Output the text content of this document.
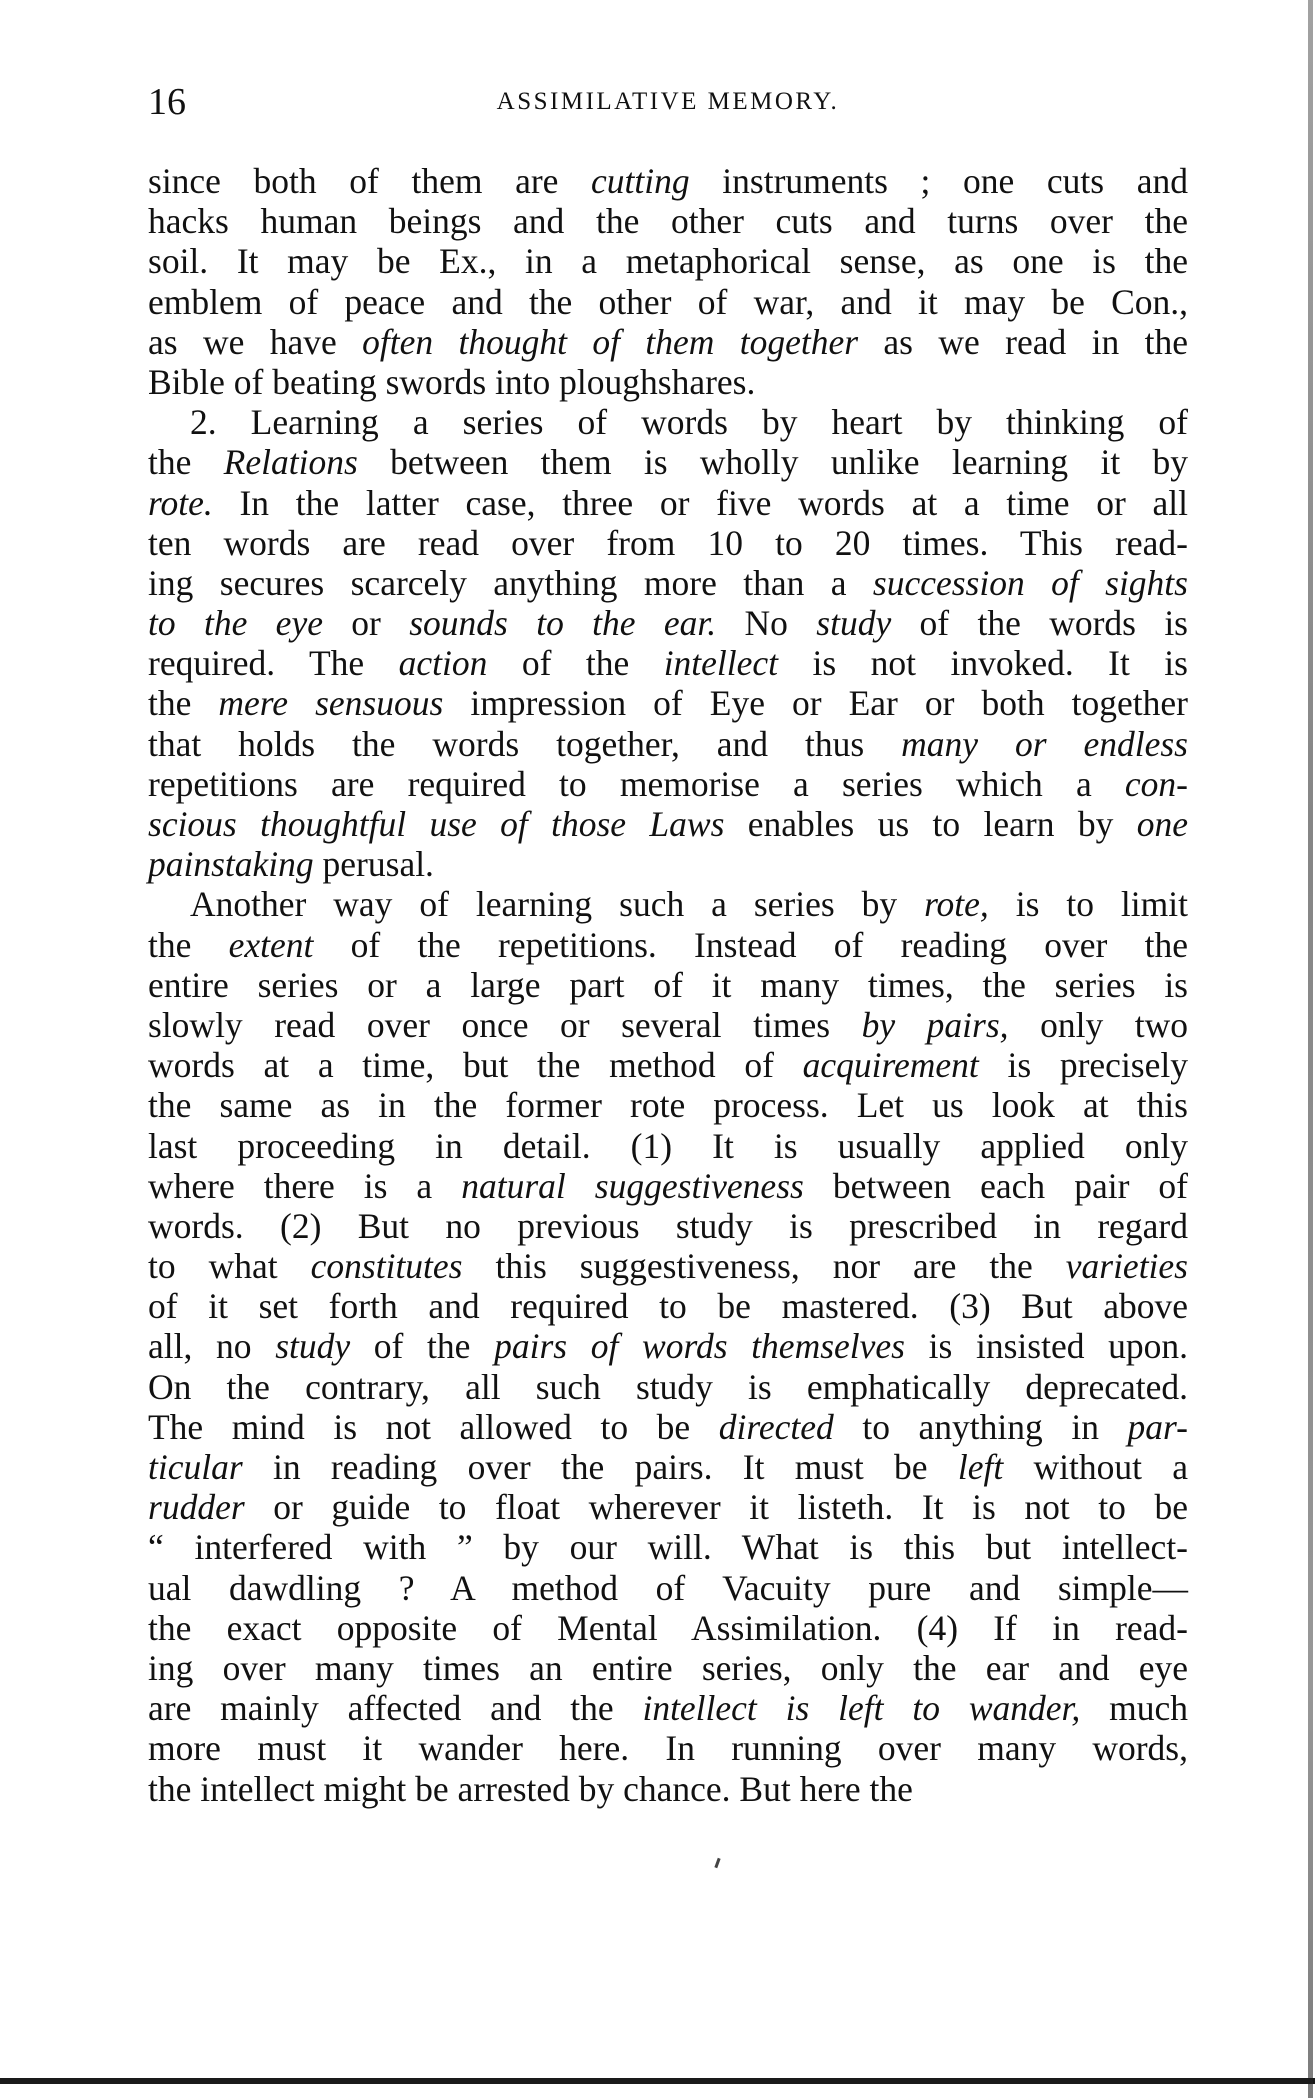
16	ASSIMILATIVE MEMORY.
since both of them are cutting instruments ; one cuts and
hacks human beings and the other cuts and turns over the
soil. It may be Ex., in a metaphorical sense, as one is the
emblem of peace and the other of war, and it may be Con.,
as we have often thought of them together as we read in the
Bible of beating swords into ploughshares.
2. Learning a series of words by heart by thinking of
the Relations between them is wholly unlike learning it by
rote. In the latter case, three or five words at a time or all
ten words are read over from 10 to 20 times. This read-
ing secures scarcely anything more than a succession of sights
to the eye or sounds to the ear. No study of the words is
required. The action of the intellect is not invoked. It is
the mere sensuous impression of Eye or Ear or both together
that holds the words together, and thus many or endless
repetitions are required to memorise a series which a con-
scious thoughtful use of those Laws enables us to learn by one
painstaking perusal.
Another way of learning such a series by rote, is to limit
the extent of the repetitions. Instead of reading over the
entire series or a large part of it many times, the series is
slowly read over once or several times by pairs, only two
words at a time, but the method of acquirement is precisely
the same as in the former rote process. Let us look at this
last proceeding in detail. (1) It is usually applied only
where there is a natural suggestiveness between each pair of
words. (2) But no previous study is prescribed in regard
to what constitutes this suggestiveness, nor are the varieties
of it set forth and required to be mastered. (3) But above
all, no study of the pairs of words themselves is insisted upon.
On the contrary, all such study is emphatically deprecated.
The mind is not allowed to be directed to anything in par-
ticular in reading over the pairs. It must be left without a
rudder or guide to float wherever it listeth. It is not to be
“ interfered with ” by our will. What is this but intellect-
ual dawdling ? A method of Vacuity pure and simple—
the exact opposite of Mental Assimilation. (4) If in read-
ing over many times an entire series, only the ear and eye
are mainly affected and the intellect is left to wander, much
more must it wander here. In running over many words,
the intellect might be arrested by chance. But here the
